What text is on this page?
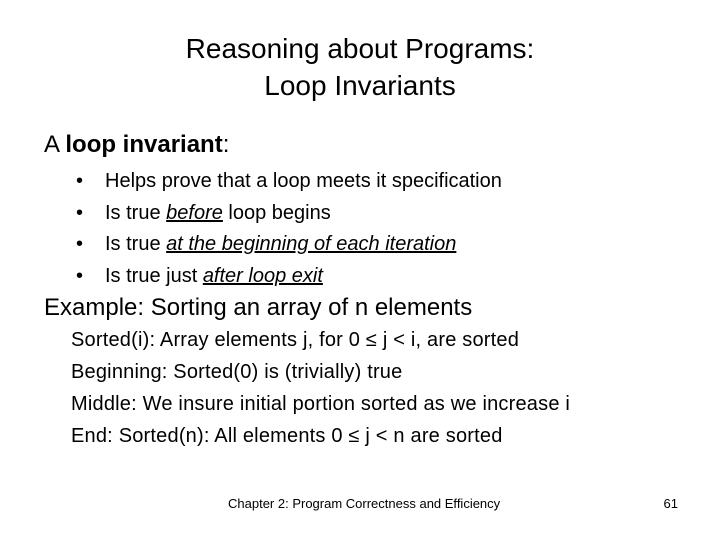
Reasoning about Programs:
Loop Invariants
A loop invariant:
• Helps prove that a loop meets it specification
• Is true before loop begins
• Is true at the beginning of each iteration
• Is true just after loop exit
Example: Sorting an array of n elements
Sorted(i): Array elements j, for 0 ≤ j < i, are sorted
Beginning: Sorted(0) is (trivially) true
Middle: We insure initial portion sorted as we increase i
End: Sorted(n): All elements 0 ≤ j < n are sorted
Chapter 2: Program Correctness and Efficiency	61
